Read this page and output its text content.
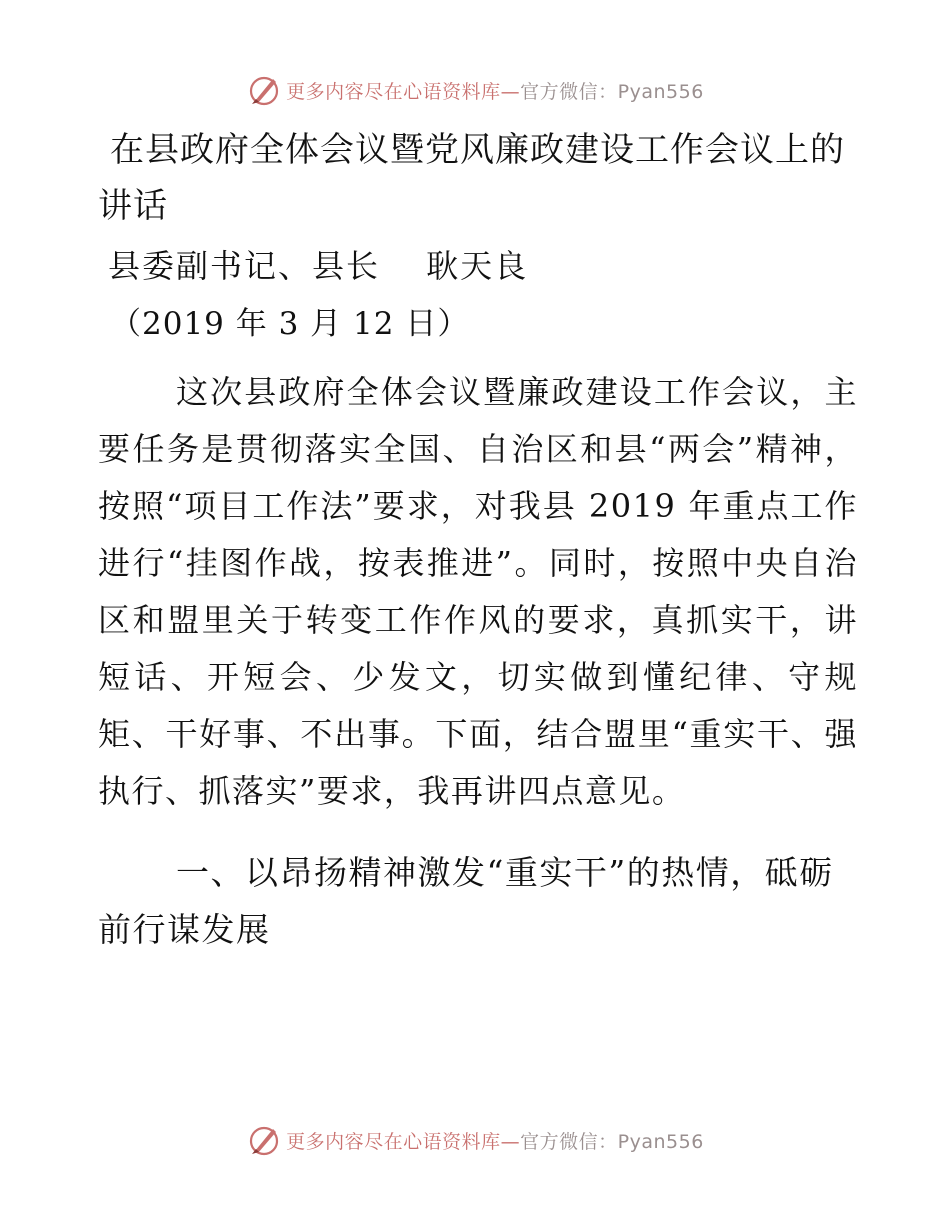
更多内容尽在心语资料库—官方微信：Pyan556
在县政府全体会议暨党风廉政建设工作会议上的讲话
县委副书记、县长　 耿天良
（2019 年 3 月 12 日）

这次县政府全体会议暨廉政建设工作会议，主要任务是贯彻落实全国、自治区和县“两会”精神，按照“项目工作法”要求，对我县 2019 年重点工作进行“挂图作战，按表推进”。同时，按照中央自治区和盟里关于转变工作作风的要求，真抓实干，讲短话、开短会、少发文，切实做到懂纪律、守规矩、干好事、不出事。下面，结合盟里“重实干、强执行、抓落实”要求，我再讲四点意见。

一、以昂扬精神激发“重实干”的热情，砥砺前行谋发展
更多内容尽在心语资料库—官方微信：Pyan556
